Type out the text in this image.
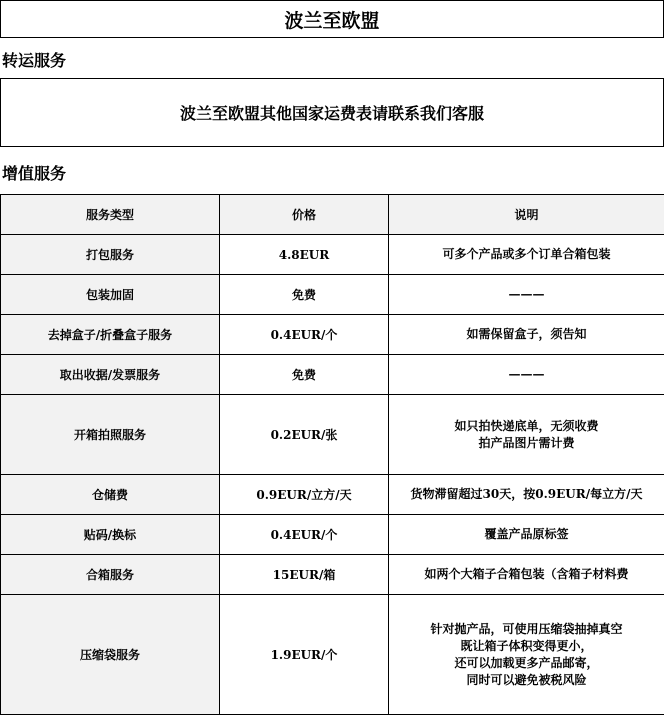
波兰至欧盟
转运服务
波兰至欧盟其他国家运费表请联系我们客服
增值服务
服务类型	价格	说明
打包服务	4.8EUR	可多个产品或多个订单合箱包装

包装加固	免费	———

去掉盒子/折叠盒子服务	0.4EUR/个	如需保留盒子，须告知

取出收据/发票服务	免费	———

开箱拍照服务	0.2EUR/张	如只拍快递底单，无须收费
拍产品图片需计费

仓储费	0.9EUR/立方/天	货物滞留超过30天，按0.9EUR/每立方/天

贴码/换标	0.4EUR/个	覆盖产品原标签

合箱服务	15EUR/箱	如两个大箱子合箱包装（含箱子材料费

压缩袋服务	1.9EUR/个	针对抛产品，可使用压缩袋抽掉真空
既让箱子体积变得更小，
还可以加载更多产品邮寄，
同时可以避免被税风险
